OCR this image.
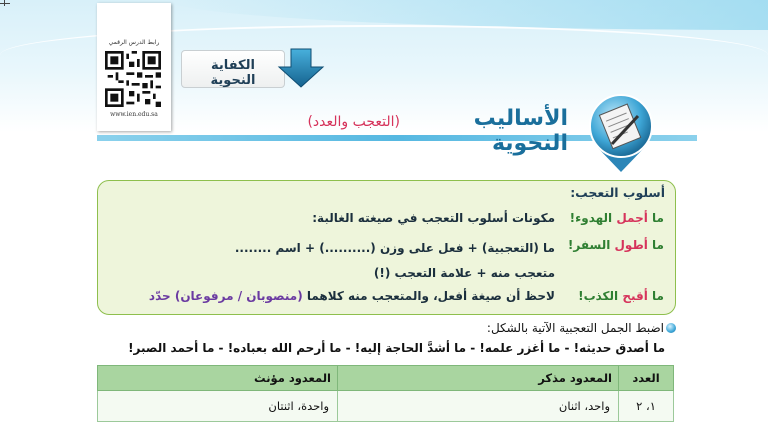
رابط الدرس الرقمي
www.ien.edu.sa
الكفاية النحوية
الأساليب النحوية
(التعجب والعدد)
أسلوب التعجب:
ما أجمل الهدوء!
ما أطول السفر!
ما أقبح الكذب!
مكونات أسلوب التعجب في صيغته الغالبة:
ما (التعجبية) + فعل على وزن (..........) + اسم ........ متعجب منه + علامة التعجب (!)
لاحظ أن صيغة أفعل، والمتعجب منه كلاهما (منصوبان / مرفوعان) حدّد
اضبط الجمل التعجبية الآتية بالشكل:
ما أصدق حديثه! - ما أغزر علمه! - ما أشدَّ الحاجة إليه! - ما أرحم الله بعباده! - ما أحمد الصبر!
العدد	المعدود مذكر	المعدود مؤنث
١، ٢	واحد، اثنان	واحدة، اثنتان
